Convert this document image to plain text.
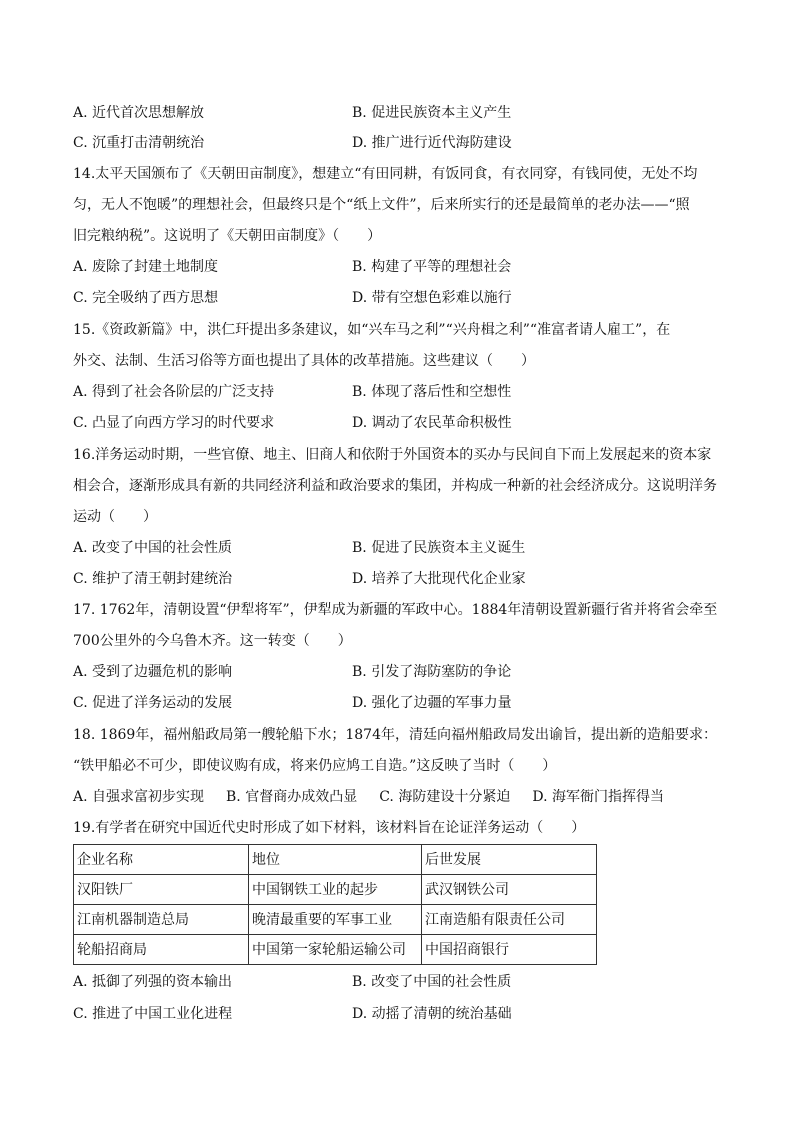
A. 近代首次思想解放	B. 促进民族资本主义产生
C. 沉重打击清朝统治	D. 推广进行近代海防建设
14.太平天国颁布了《天朝田亩制度》，想建立“有田同耕，有饭同食，有衣同穿，有钱同使，无处不均
匀，无人不饱暖”的理想社会，但最终只是个“纸上文件”，后来所实行的还是最简单的老办法——“照
旧完粮纳税”。这说明了《天朝田亩制度》（　　）
A. 废除了封建土地制度	B. 构建了平等的理想社会
C. 完全吸纳了西方思想	D. 带有空想色彩难以施行
15.《资政新篇》中，洪仁玕提出多条建议，如“兴车马之利”“兴舟楫之利”“准富者请人雇工”，在
外交、法制、生活习俗等方面也提出了具体的改革措施。这些建议（　　）
A. 得到了社会各阶层的广泛支持	B. 体现了落后性和空想性
C. 凸显了向西方学习的时代要求	D. 调动了农民革命积极性
16.洋务运动时期，一些官僚、地主、旧商人和依附于外国资本的买办与民间自下而上发展起来的资本家
相会合，逐渐形成具有新的共同经济利益和政治要求的集团，并构成一种新的社会经济成分。这说明洋务
运动（　　）
A. 改变了中国的社会性质	B. 促进了民族资本主义诞生
C. 维护了清王朝封建统治	D. 培养了大批现代化企业家
17. 1762年，清朝设置“伊犁将军”，伊犁成为新疆的军政中心。1884年清朝设置新疆行省并将省会牵至
700公里外的今乌鲁木齐。这一转变（　　）
A. 受到了边疆危机的影响	B. 引发了海防塞防的争论
C. 促进了洋务运动的发展	D. 强化了边疆的军事力量
18. 1869年，福州船政局第一艘轮船下水；1874年，清廷向福州船政局发出谕旨，提出新的造船要求：
“铁甲船必不可少，即使议购有成，将来仍应鸠工自造。”这反映了当时（　　）
A. 自强求富初步实现 B. 官督商办成效凸显 C. 海防建设十分紧迫 D. 海军衙门指挥得当
19.有学者在研究中国近代史时形成了如下材料，该材料旨在论证洋务运动（　　）
企业名称	地位	后世发展
汉阳铁厂	中国钢铁工业的起步	武汉钢铁公司
江南机器制造总局	晚清最重要的军事工业	江南造船有限责任公司
轮船招商局	中国第一家轮船运输公司	中国招商银行
A. 抵御了列强的资本输出	B. 改变了中国的社会性质
C. 推进了中国工业化进程	D. 动摇了清朝的统治基础
